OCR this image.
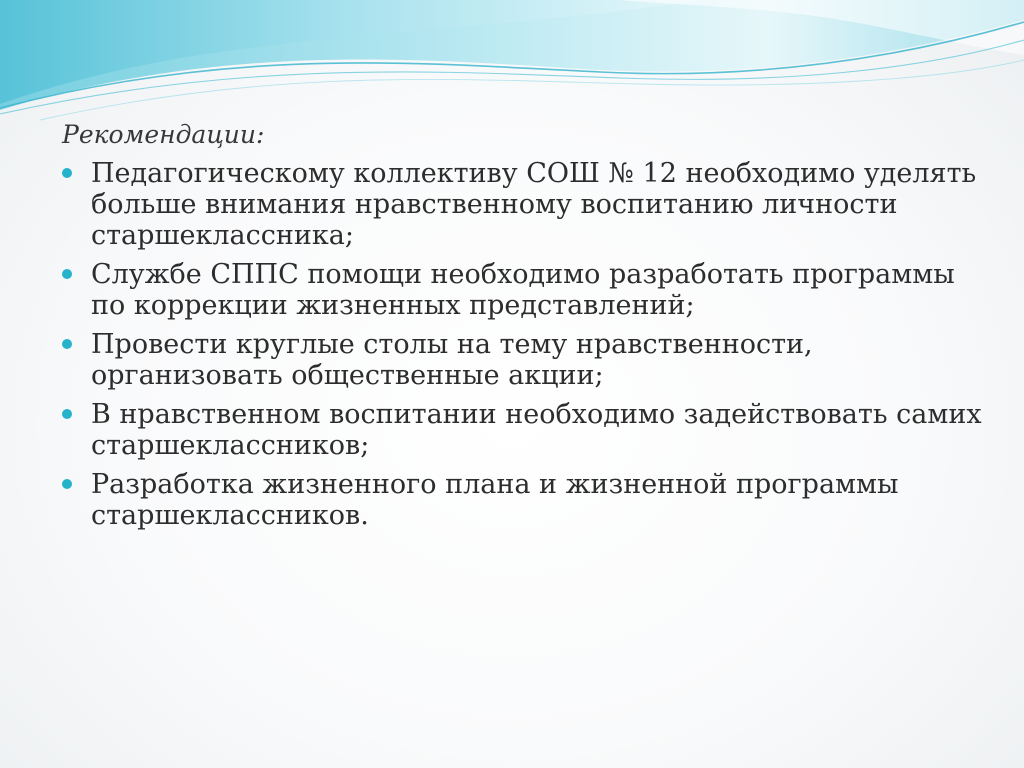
Рекомендации:
Педагогическому коллективу СОШ № 12 необходимо уделять больше внимания нравственному воспитанию личности старшеклассника;
Службе СППС помощи необходимо разработать программы по коррекции жизненных представлений;
Провести круглые столы на тему нравственности, организовать общественные акции;
В нравственном воспитании необходимо задействовать самих старшеклассников;
Разработка жизненного плана и жизненной программы старшеклассников.
